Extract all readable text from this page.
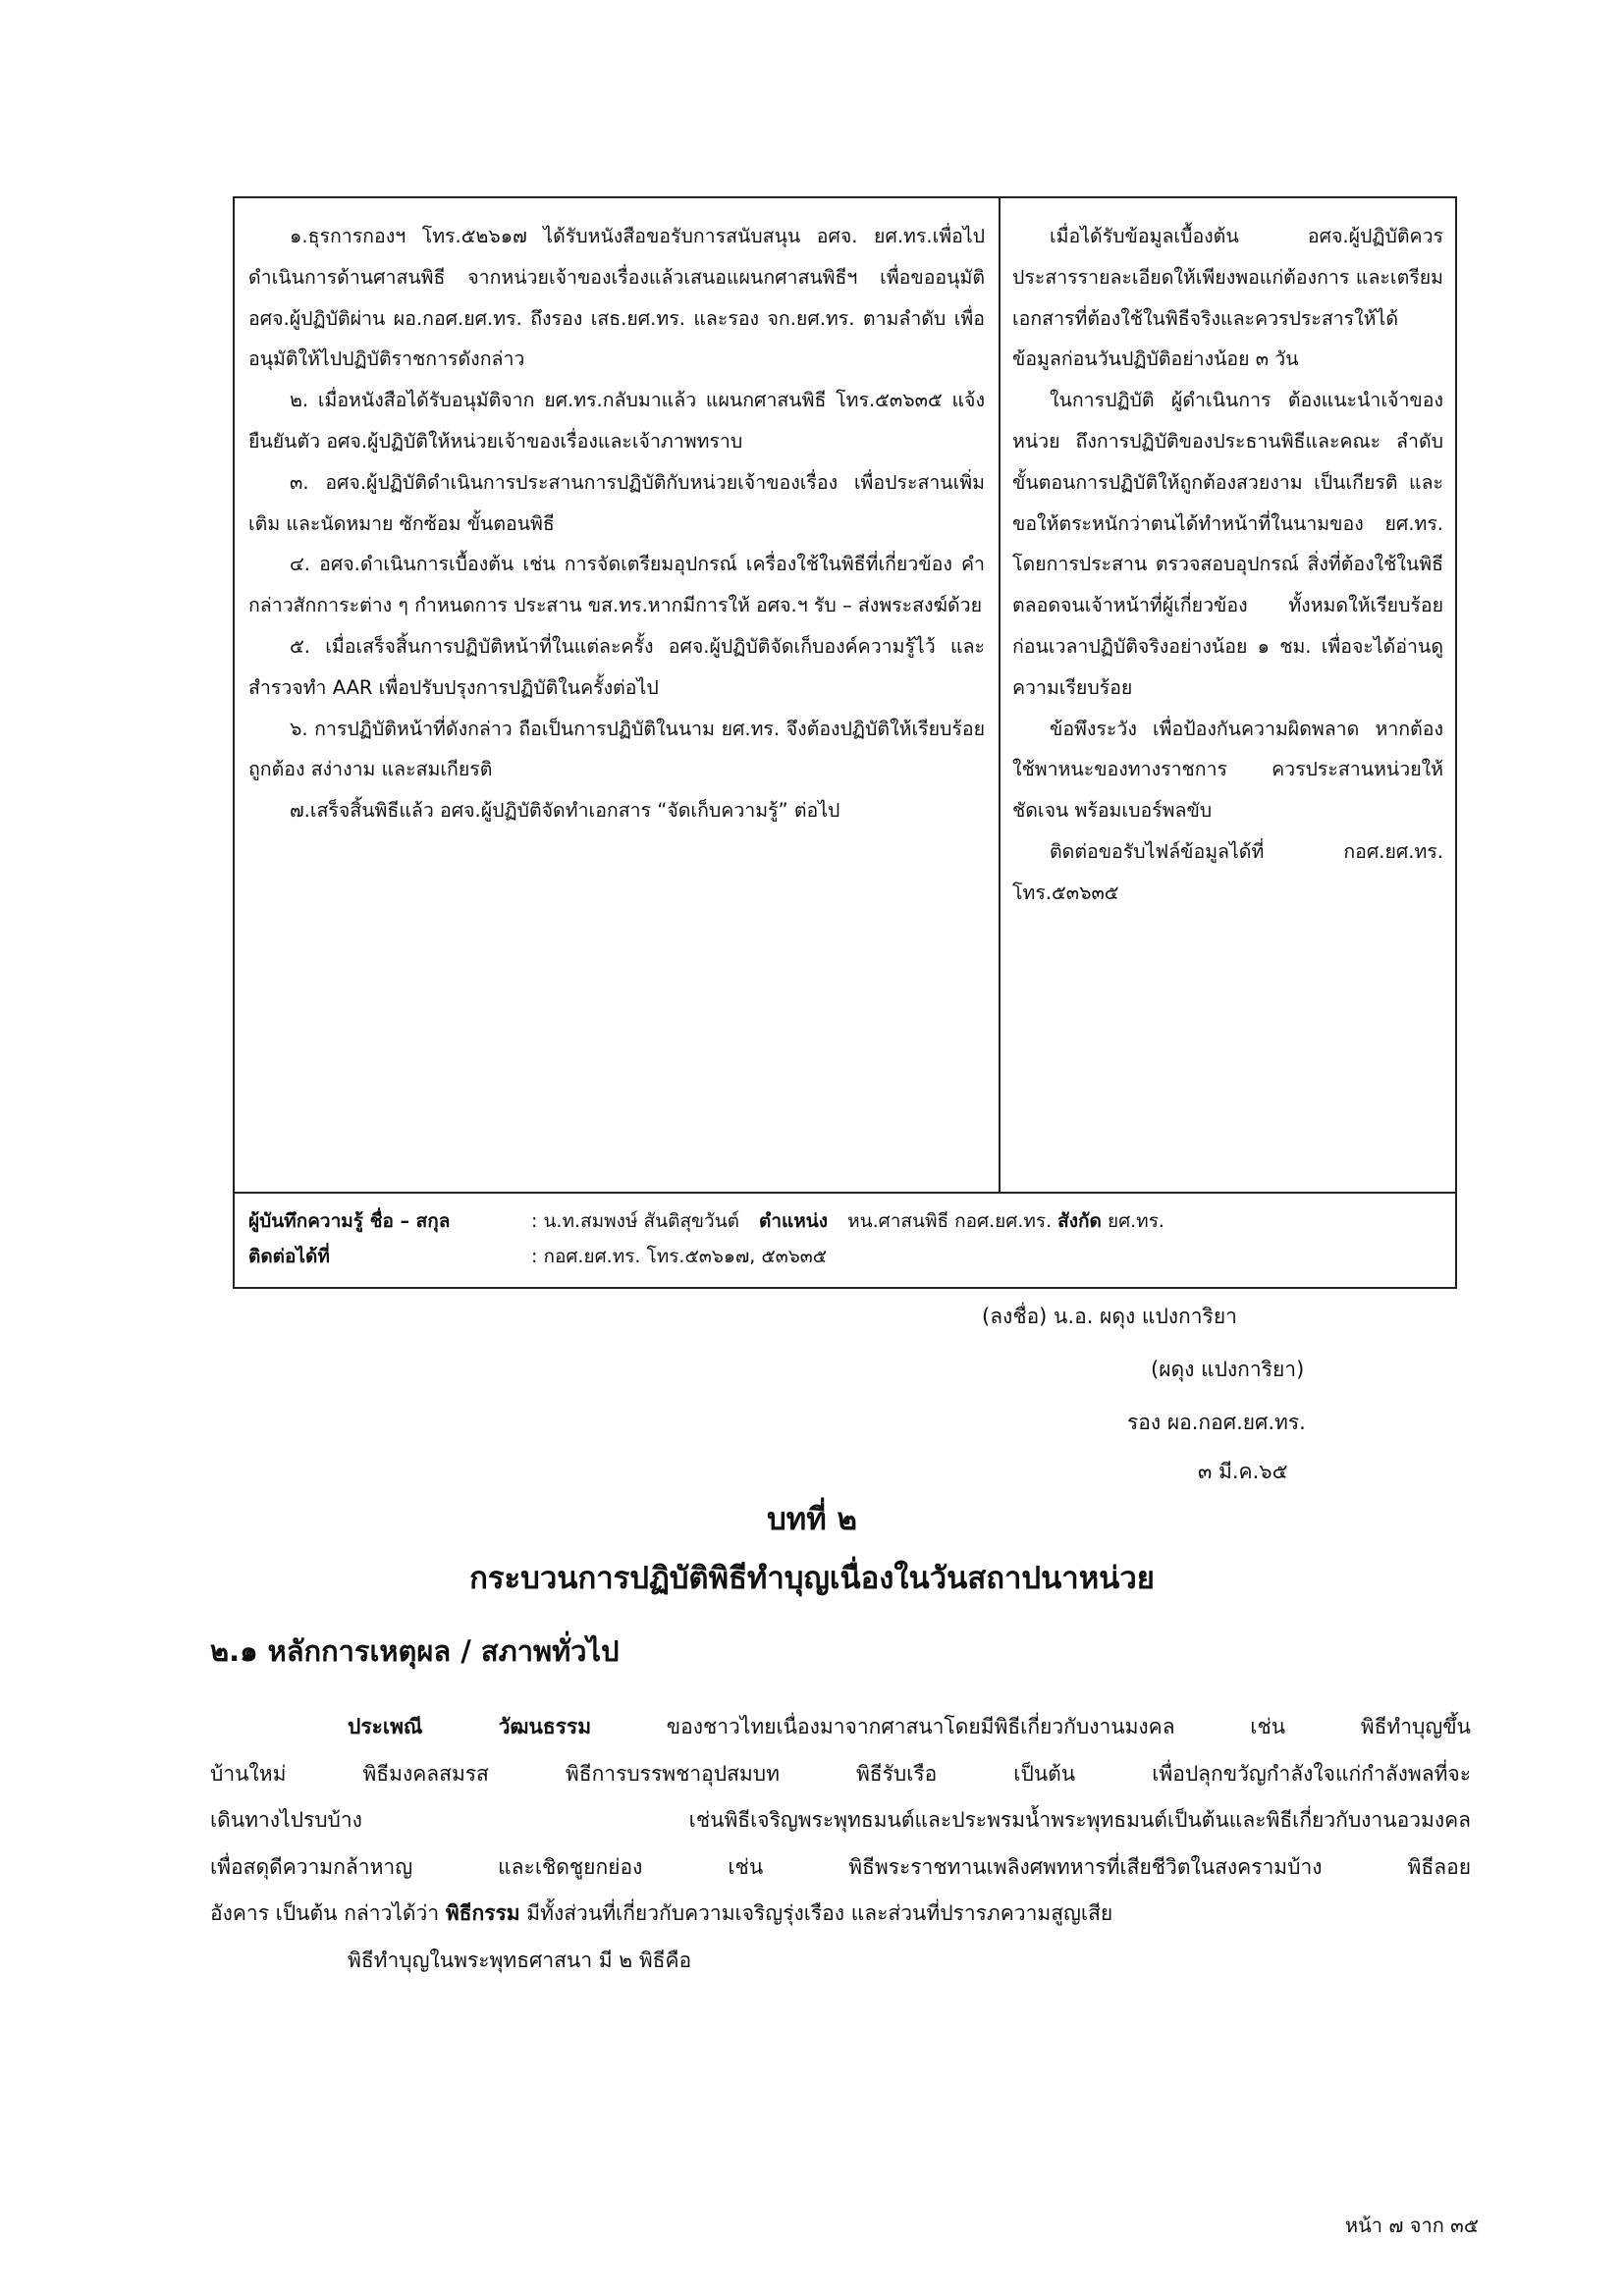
๑.ธุรการกองฯ โทร.๕๒๖๑๗ ได้รับหนังสือขอรับการสนับสนุน อศจ. ยศ.ทร.เพื่อไปดำเนินการด้านศาสนพิธี จากหน่วยเจ้าของเรื่องแล้วเสนอแผนกศาสนพิธีฯ เพื่อขออนุมัติ อศจ.ผู้ปฏิบัติผ่าน ผอ.กอศ.ยศ.ทร. ถึงรอง เสธ.ยศ.ทร. และรอง จก.ยศ.ทร. ตามลำดับ เพื่ออนุมัติให้ไปปฏิบัติราชการดังกล่าว

๒. เมื่อหนังสือได้รับอนุมัติจาก ยศ.ทร.กลับมาแล้ว แผนกศาสนพิธี โทร.๕๓๖๓๕ แจ้งยืนยันตัว อศจ.ผู้ปฏิบัติให้หน่วยเจ้าของเรื่องและเจ้าภาพทราบ

๓. อศจ.ผู้ปฏิบัติดำเนินการประสานการปฏิบัติกับหน่วยเจ้าของเรื่อง เพื่อประสานเพิ่มเติม และนัดหมาย ซักซ้อม ขั้นตอนพิธี

๔. อศจ.ดำเนินการเบื้องต้น เช่น การจัดเตรียมอุปกรณ์ เครื่องใช้ในพิธีที่เกี่ยวข้อง คำกล่าวสักการะต่าง ๆ กำหนดการ ประสาน ขส.ทร.หากมีการให้ อศจ.ฯ รับ – ส่งพระสงฆ์ด้วย

๕. เมื่อเสร็จสิ้นการปฏิบัติหน้าที่ในแต่ละครั้ง อศจ.ผู้ปฏิบัติจัดเก็บองค์ความรู้ไว้ และสำรวจทำ AAR เพื่อปรับปรุงการปฏิบัติในครั้งต่อไป

๖. การปฏิบัติหน้าที่ดังกล่าว ถือเป็นการปฏิบัติในนาม ยศ.ทร. จึงต้องปฏิบัติให้เรียบร้อย ถูกต้อง สง่างาม และสมเกียรติ

๗.เสร็จสิ้นพิธีแล้ว อศจ.ผู้ปฏิบัติจัดทำเอกสาร “จัดเก็บความรู้” ต่อไป

เมื่อได้รับข้อมูลเบื้องต้น อศจ.ผู้ปฏิบัติควรประสารรายละเอียดให้เพียงพอแก่ต้องการ และเตรียมเอกสารที่ต้องใช้ในพิธีจริงและควรประสารให้ได้ข้อมูลก่อนวันปฏิบัติอย่างน้อย ๓ วัน

ในการปฏิบัติ ผู้ดำเนินการ ต้องแนะนำเจ้าของหน่วย ถึงการปฏิบัติของประธานพิธีและคณะ ลำดับขั้นตอนการปฏิบัติให้ถูกต้องสวยงาม เป็นเกียรติ และขอให้ตระหนักว่าตนได้ทำหน้าที่ในนามของ ยศ.ทร. โดยการประสาน ตรวจสอบอุปกรณ์ สิ่งที่ต้องใช้ในพิธีตลอดจนเจ้าหน้าที่ผู้เกี่ยวข้อง ทั้งหมดให้เรียบร้อยก่อนเวลาปฏิบัติจริงอย่างน้อย ๑ ชม. เพื่อจะได้อ่านดูความเรียบร้อย

ข้อพึงระวัง เพื่อป้องกันความผิดพลาด หากต้องใช้พาหนะของทางราชการ ควรประสานหน่วยให้ชัดเจน พร้อมเบอร์พลขับ

ติดต่อขอรับไฟล์ข้อมูลได้ที่ กอศ.ยศ.ทร. โทร.๕๓๖๓๕

ผู้บันทึกความรู้ ชื่อ – สกุล	: น.ท.สมพงษ์ สันติสุขวันต์ ตำแหน่ง หน.ศาสนพิธี กอศ.ยศ.ทร. สังกัด ยศ.ทร.
ติดต่อได้ที่	: กอศ.ยศ.ทร. โทร.๕๓๖๑๗, ๕๓๖๓๕
(ลงชื่อ) น.อ. ผดุง แปงการิยา
(ผดุง แปงการิยา)
รอง ผอ.กอศ.ยศ.ทร.
๓ มี.ค.๖๕
บทที่ ๒
กระบวนการปฏิบัติพิธีทำบุญเนื่องในวันสถาปนาหน่วย
๒.๑ หลักการเหตุผล / สภาพทั่วไป

ประเพณี วัฒนธรรม ของชาวไทยเนื่องมาจากศาสนาโดยมีพิธีเกี่ยวกับงานมงคล เช่น พิธีทำบุญขึ้น

บ้านใหม่ พิธีมงคลสมรส พิธีการบรรพชาอุปสมบท พิธีรับเรือ เป็นต้น เพื่อปลุกขวัญกำลังใจแก่กำลังพลที่จะ

เดินทางไปรบบ้าง เช่นพิธีเจริญพระพุทธมนต์และประพรมน้ำพระพุทธมนต์เป็นต้นและพิธีเกี่ยวกับงานอวมงคล

เพื่อสดุดีความกล้าหาญ และเชิดชูยกย่อง เช่น พิธีพระราชทานเพลิงศพทหารที่เสียชีวิตในสงครามบ้าง พิธีลอย

อังคาร เป็นต้น กล่าวได้ว่า พิธีกรรม มีทั้งส่วนที่เกี่ยวกับความเจริญรุ่งเรือง และส่วนที่ปรารภความสูญเสีย

พิธีทำบุญในพระพุทธศาสนา มี ๒ พิธีคือ

หน้า ๗ จาก ๓๕
